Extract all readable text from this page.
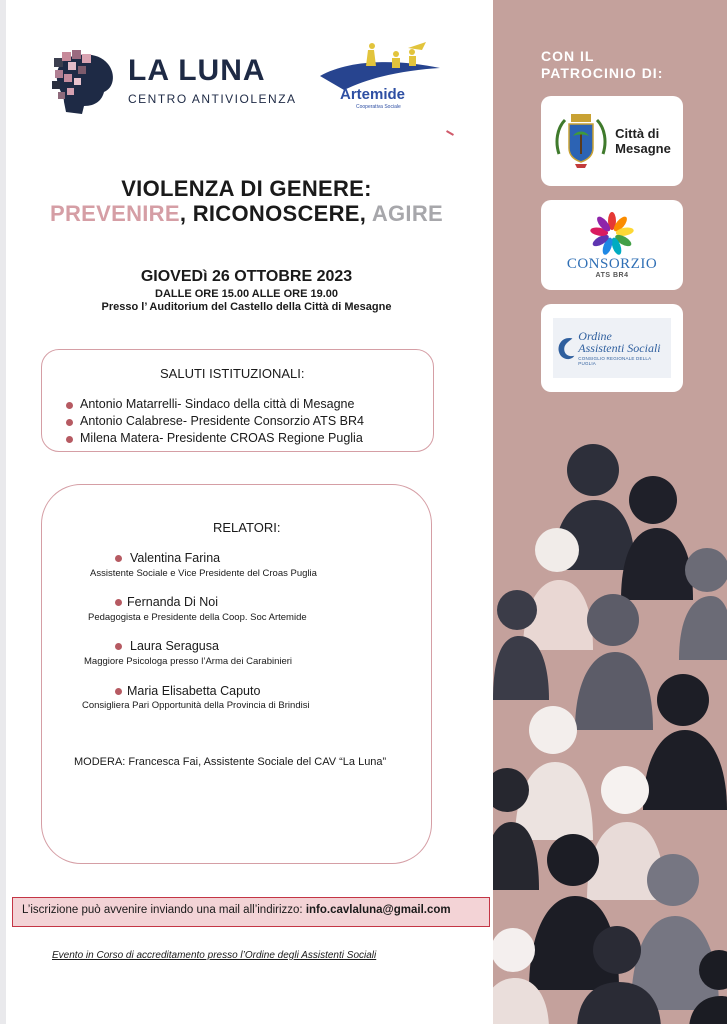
LA LUNA
CENTRO ANTIVIOLENZA	Artemide
Cooperativa Sociale
VIOLENZA DI GENERE:
PREVENIRE, RICONOSCERE, AGIRE
GIOVEDì 26 OTTOBRE 2023
DALLE ORE 15.00 ALLE ORE 19.00
Presso l’ Auditorium del Castello della Città di Mesagne
SALUTI ISTITUZIONALI:
Antonio Matarrelli- Sindaco della città di Mesagne
Antonio Calabrese- Presidente Consorzio ATS BR4
Milena Matera- Presidente CROAS Regione Puglia
RELATORI:
Valentina Farina
Assistente Sociale e Vice Presidente del Croas Puglia
Fernanda Di Noi
Pedagogista e Presidente della Coop. Soc Artemide
Laura Seragusa
Maggiore Psicologa presso l’Arma dei Carabinieri
Maria Elisabetta Caputo
Consigliera Pari Opportunità della Provincia di Brindisi
MODERA: Francesca Fai, Assistente Sociale del CAV “La Luna”
L’iscrizione può avvenire inviando una mail all’indirizzo: info.cavlaluna@gmail.com
Evento in Corso di accreditamento presso l’Ordine degli Assistenti Sociali
CON IL
PATROCINIO DI:
Città di
Mesagne
CONSORZIO
ATS BR4
Ordine
Assistenti Sociali
CONSIGLIO REGIONALE DELLA PUGLIA
